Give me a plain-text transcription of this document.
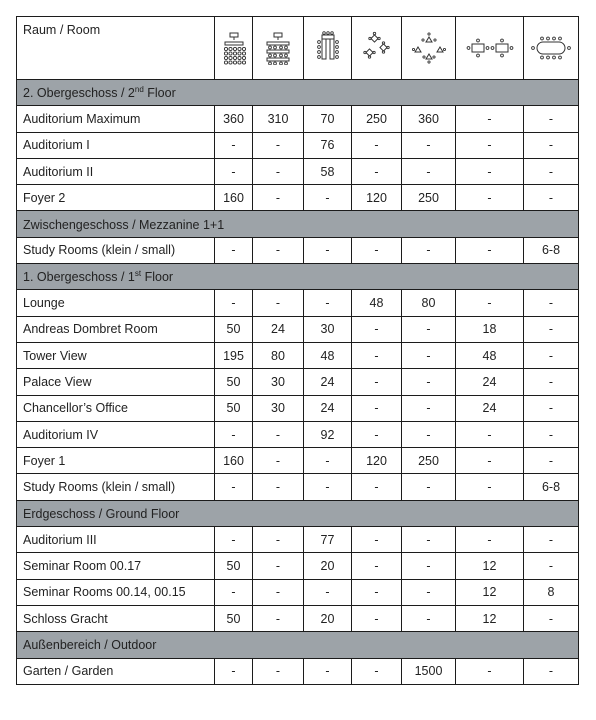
Raum / Room	

2. Obergeschoss / 2nd Floor							
Auditorium Maximum	360	310	70	250	360	-	-
Auditorium I	-	-	76	-	-	-	-
Auditorium II	-	-	58	-	-	-	-
Foyer 2	160	-	-	120	250	-	-
Zwischengeschoss / Mezzanine 1+1							
Study Rooms (klein / small)	-	-	-	-	-	-	6-8
1. Obergeschoss / 1st Floor							
Lounge	-	-	-	48	80	-	-
Andreas Dombret Room	50	24	30	-	-	18	-
Tower View	195	80	48	-	-	48	-
Palace View	50	30	24	-	-	24	-
Chancellor’s Office	50	30	24	-	-	24	-
Auditorium IV	-	-	92	-	-	-	-
Foyer 1	160	-	-	120	250	-	-
Study Rooms (klein / small)	-	-	-	-	-	-	6-8
Erdgeschoss / Ground Floor							
Auditorium III	-	-	77	-	-	-	-
Seminar Room 00.17	50	-	20	-	-	12	-
Seminar Rooms 00.14, 00.15	-	-	-	-	-	12	8
Schloss Gracht	50	-	20	-	-	12	-
Außenbereich / Outdoor							
Garten / Garden	-	-	-	-	1500	-	-
